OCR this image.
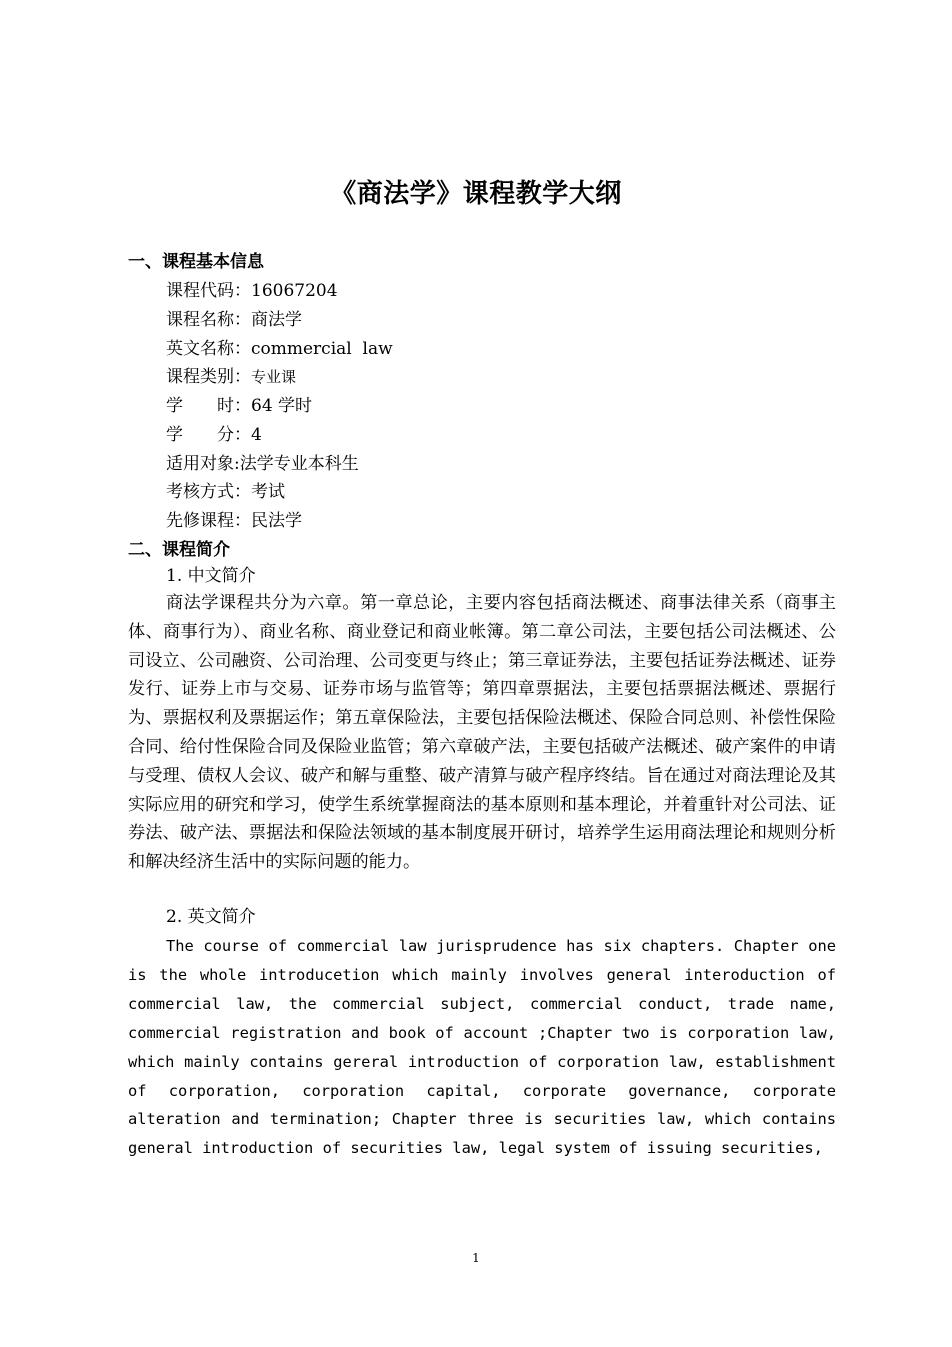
《商法学》课程教学大纲
一、课程基本信息
课程代码：16067204
课程名称：商法学
英文名称：commercial  law
课程类别：专业课
学　　时：64 学时
学　　分：4
适用对象:法学专业本科生
考核方式：考试
先修课程：民法学
二、课程简介
1. 中文简介
商法学课程共分为六章。第一章总论，主要内容包括商法概述、商事法律关系（商事主体、商事行为）、商业名称、商业登记和商业帐簿。第二章公司法，主要包括公司法概述、公司设立、公司融资、公司治理、公司变更与终止；第三章证券法，主要包括证券法概述、证券发行、证券上市与交易、证券市场与监管等；第四章票据法，主要包括票据法概述、票据行为、票据权利及票据运作；第五章保险法，主要包括保险法概述、保险合同总则、补偿性保险合同、给付性保险合同及保险业监管；第六章破产法，主要包括破产法概述、破产案件的申请与受理、债权人会议、破产和解与重整、破产清算与破产程序终结。旨在通过对商法理论及其实际应用的研究和学习，使学生系统掌握商法的基本原则和基本理论，并着重针对公司法、证券法、破产法、票据法和保险法领域的基本制度展开研讨，培养学生运用商法理论和规则分析和解决经济生活中的实际问题的能力。
2. 英文简介
The course of commercial law jurisprudence has six chapters. Chapter one is the whole introducetion which mainly involves general interoduction of commercial law, the commercial subject, commercial conduct, trade name, commercial registration and book of account ;Chapter two is corporation law, which mainly contains gereral introduction of corporation law, establishment of corporation, corporation capital, corporate governance, corporate alteration and termination; Chapter three is securities law, which contains general introduction of securities law, legal system of issuing securities,
1
